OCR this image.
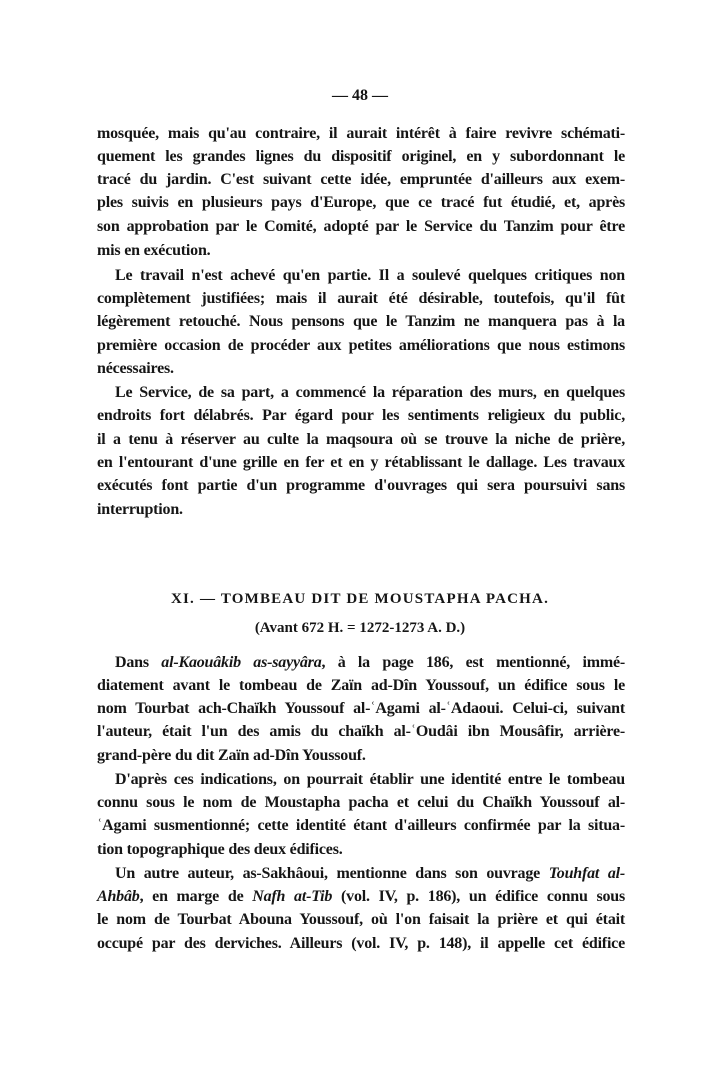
— 48 —
mosquée, mais qu'au contraire, il aurait intérêt à faire revivre schémati-
quement les grandes lignes du dispositif originel, en y subordonnant le
tracé du jardin. C'est suivant cette idée, empruntée d'ailleurs aux exem-
ples suivis en plusieurs pays d'Europe, que ce tracé fut étudié, et, après
son approbation par le Comité, adopté par le Service du Tanzim pour être
mis en exécution.
Le travail n'est achevé qu'en partie. Il a soulevé quelques critiques non
complètement justifiées; mais il aurait été désirable, toutefois, qu'il fût
légèrement retouché. Nous pensons que le Tanzim ne manquera pas à la
première occasion de procéder aux petites améliorations que nous estimons
nécessaires.
Le Service, de sa part, a commencé la réparation des murs, en quelques
endroits fort délabrés. Par égard pour les sentiments religieux du public,
il a tenu à réserver au culte la maqsoura où se trouve la niche de prière,
en l'entourant d'une grille en fer et en y rétablissant le dallage. Les travaux
exécutés font partie d'un programme d'ouvrages qui sera poursuivi sans
interruption.
XI. — TOMBEAU DIT DE MOUSTAPHA PACHA.
(Avant 672 H. = 1272-1273 A. D.)
Dans al-Kaouâkib as-sayyâra, à la page 186, est mentionné, immé-
diatement avant le tombeau de Zaïn ad-Dîn Youssouf, un édifice sous le
nom Tourbat ach-Chaïkh Youssouf al-ʿAgami al-ʿAdaoui. Celui-ci, suivant
l'auteur, était l'un des amis du chaïkh al-ʿOudâi ibn Mousâfir, arrière-
grand-père du dit Zaïn ad-Dîn Youssouf.
D'après ces indications, on pourrait établir une identité entre le tombeau
connu sous le nom de Moustapha pacha et celui du Chaïkh Youssouf al-
ʿAgami susmentionné; cette identité étant d'ailleurs confirmée par la situa-
tion topographique des deux édifices.
Un autre auteur, as-Sakhâoui, mentionne dans son ouvrage Touhfat al-
Ahbâb, en marge de Nafh at-Tib (vol. IV, p. 186), un édifice connu sous
le nom de Tourbat Abouna Youssouf, où l'on faisait la prière et qui était
occupé par des derviches. Ailleurs (vol. IV, p. 148), il appelle cet édifice
